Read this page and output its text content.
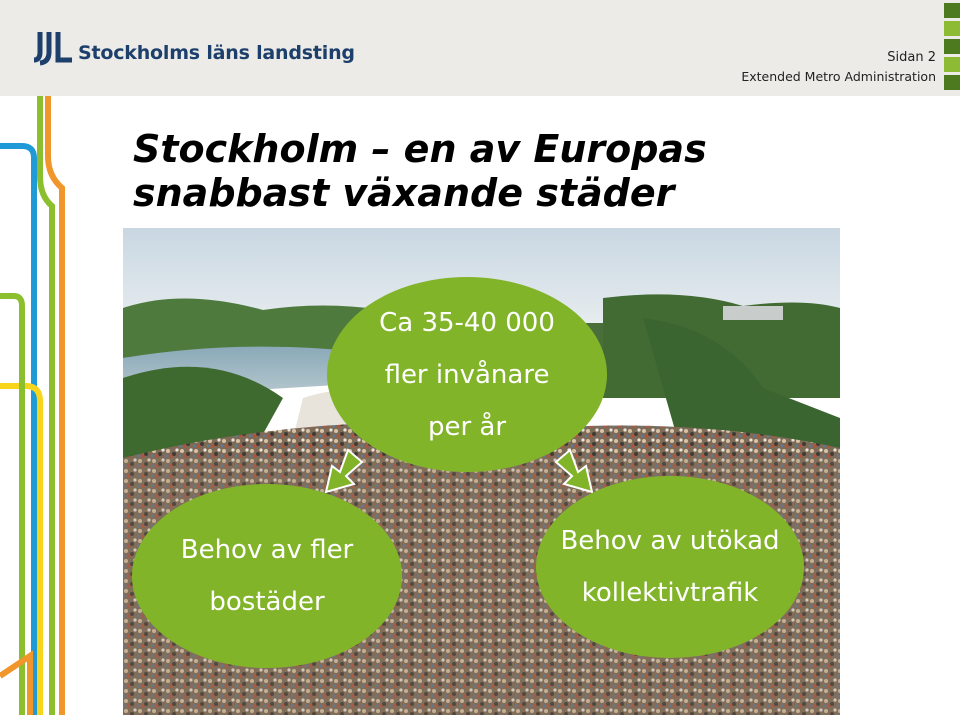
Stockholms läns landsting	Sidan 2
Extended Metro Administration
Stockholm – en av Europas
snabbast växande städer
Ca 35-40 000
fler invånare
per år
Behov av fler
bostäder
Behov av utökad
kollektivtrafik
